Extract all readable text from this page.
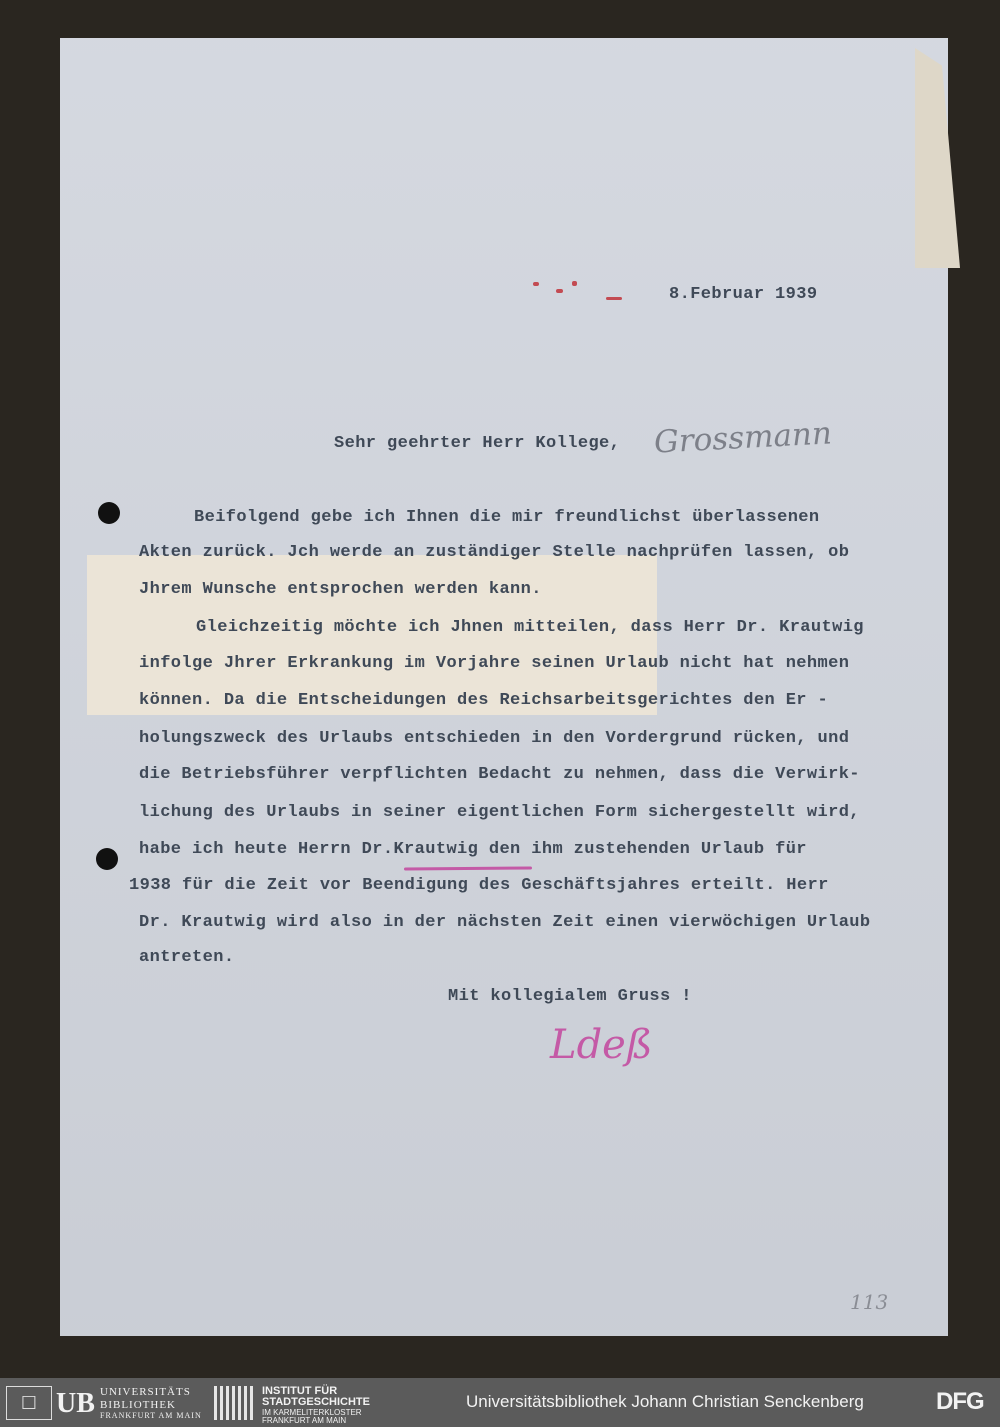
8.Februar 1939
Sehr geehrter Herr Kollege, Grossmann
Beifolgend gebe ich Ihnen die mir freundlichst überlassenen
Akten zurück. Jch werde an zuständiger Stelle nachprüfen lassen, ob
Jhrem Wunsche entsprochen werden kann.
Gleichzeitig möchte ich Jhnen mitteilen, dass Herr Dr. Krautwig
infolge Jhrer Erkrankung im Vorjahre seinen Urlaub nicht hat nehmen
können. Da die Entscheidungen des Reichsarbeitsgerichtes den Er -
holungszweck des Urlaubs entschieden in den Vordergrund rücken, und
die Betriebsführer verpflichten Bedacht zu nehmen, dass die Verwirk-
lichung des Urlaubs in seiner eigentlichen Form sichergestellt wird,
habe ich heute Herrn Dr.Krautwig den ihm zustehenden Urlaub für
1938 für die Zeit vor Beendigung des Geschäftsjahres erteilt. Herr
Dr. Krautwig wird also in der nächsten Zeit einen vierwöchigen Urlaub
antreten.
Mit kollegialem Gruss !
Ldeß
113
☐ UB UNIVERSITÄTS
BIBLIOTHEK
FRANKFURT AM MAIN
INSTITUT FÜR
STADTGESCHICHTE
IM KARMELITERKLOSTER
FRANKFURT AM MAIN
Universitätsbibliothek Johann Christian Senckenberg	DFG
